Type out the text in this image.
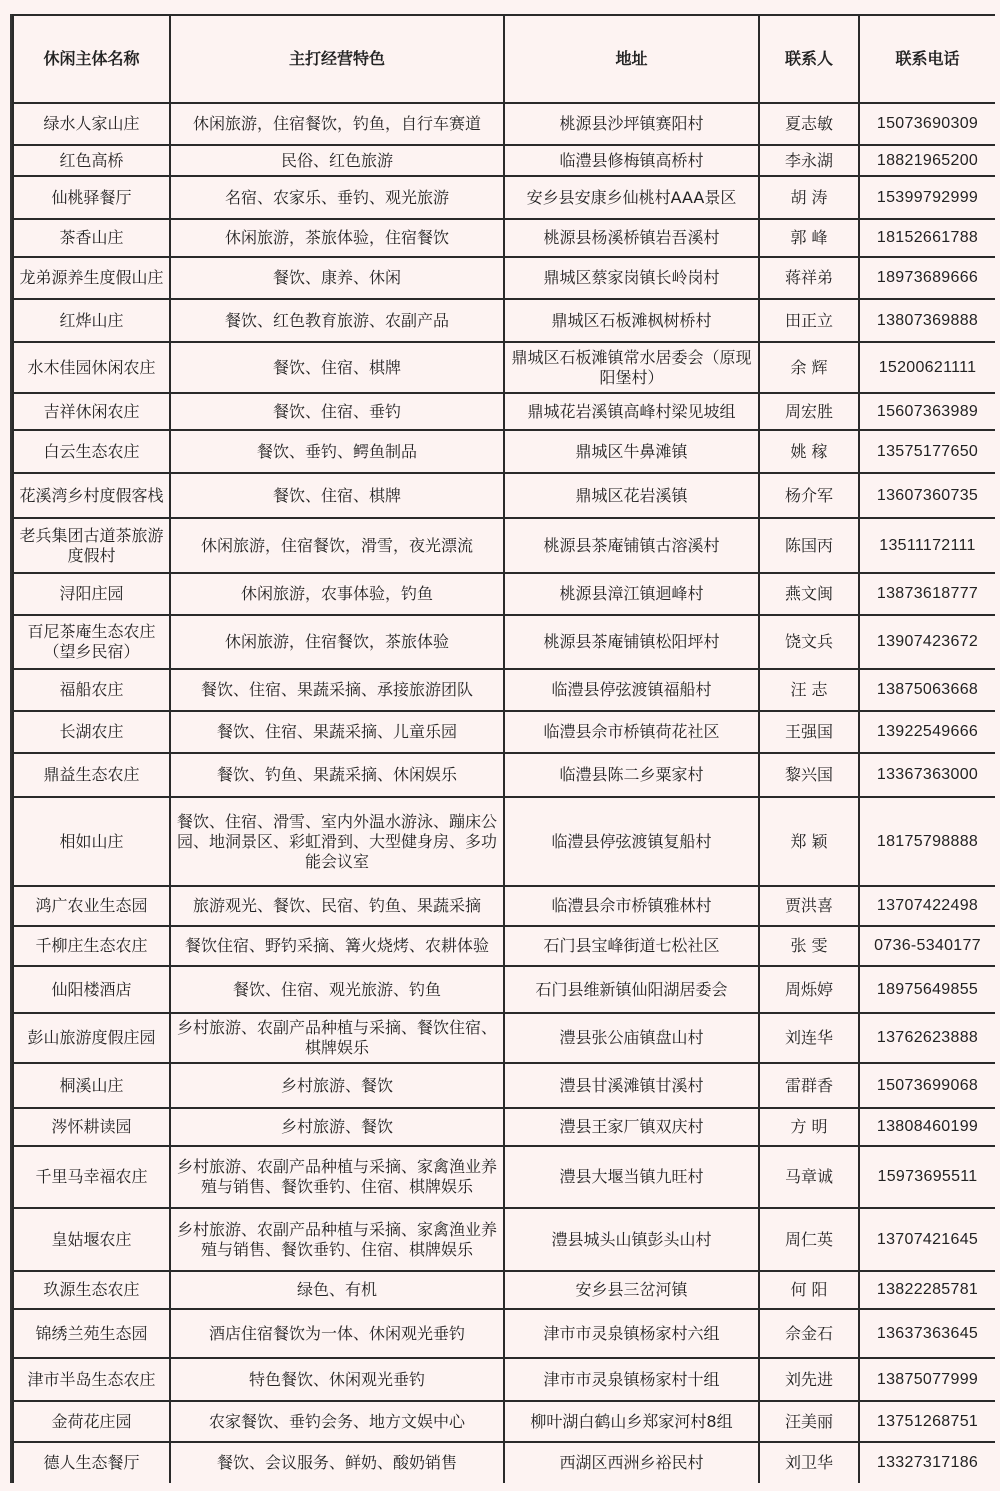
休闲主体名称	主打经营特色	地址	联系人	联系电话
绿水人家山庄	休闲旅游，住宿餐饮，钓鱼，自行车赛道	桃源县沙坪镇赛阳村	夏志敏	15073690309
红色高桥	民俗、红色旅游	临澧县修梅镇高桥村	李永湖	18821965200
仙桃驿餐厅	名宿、农家乐、垂钓、观光旅游	安乡县安康乡仙桃村AAA景区	胡 涛	15399792999
茶香山庄	休闲旅游，茶旅体验，住宿餐饮	桃源县杨溪桥镇岩吾溪村	郭 峰	18152661788
龙弟源养生度假山庄	餐饮、康养、休闲	鼎城区蔡家岗镇长岭岗村	蒋祥弟	18973689666
红烨山庄	餐饮、红色教育旅游、农副产品	鼎城区石板滩枫树桥村	田正立	13807369888
水木佳园休闲农庄	餐饮、住宿、棋牌	鼎城区石板滩镇常水居委会（原现阳堡村）	余 辉	15200621111
吉祥休闲农庄	餐饮、住宿、垂钓	鼎城花岩溪镇高峰村梁见坡组	周宏胜	15607363989
白云生态农庄	餐饮、垂钓、鳄鱼制品	鼎城区牛鼻滩镇	姚 稼	13575177650
花溪湾乡村度假客栈	餐饮、住宿、棋牌	鼎城区花岩溪镇	杨介军	13607360735
老兵集团古道茶旅游度假村	休闲旅游，住宿餐饮，滑雪，夜光漂流	桃源县茶庵铺镇古溶溪村	陈国丙	13511172111
浔阳庄园	休闲旅游，农事体验，钓鱼	桃源县漳江镇迴峰村	燕文闽	13873618777
百尼茶庵生态农庄（望乡民宿）	休闲旅游，住宿餐饮，茶旅体验	桃源县茶庵铺镇松阳坪村	饶文兵	13907423672
福船农庄	餐饮、住宿、果蔬采摘、承接旅游团队	临澧县停弦渡镇福船村	汪 志	13875063668
长湖农庄	餐饮、住宿、果蔬采摘、儿童乐园	临澧县佘市桥镇荷花社区	王强国	13922549666
鼎益生态农庄	餐饮、钓鱼、果蔬采摘、休闲娱乐	临澧县陈二乡粟家村	黎兴国	13367363000
相如山庄	餐饮、住宿、滑雪、室内外温水游泳、蹦床公园、地洞景区、彩虹滑到、大型健身房、多功能会议室	临澧县停弦渡镇复船村	郑 颖	18175798888
鸿广农业生态园	旅游观光、餐饮、民宿、钓鱼、果蔬采摘	临澧县佘市桥镇雅林村	贾洪喜	13707422498
千柳庄生态农庄	餐饮住宿、野钓采摘、篝火烧烤、农耕体验	石门县宝峰街道七松社区	张 雯	0736-5340177
仙阳楼酒店	餐饮、住宿、观光旅游、钓鱼	石门县维新镇仙阳湖居委会	周烁婷	18975649855
彭山旅游度假庄园	乡村旅游、农副产品种植与采摘、餐饮住宿、棋牌娱乐	澧县张公庙镇盘山村	刘连华	13762623888
桐溪山庄	乡村旅游、餐饮	澧县甘溪滩镇甘溪村	雷群香	15073699068
涔怀耕读园	乡村旅游、餐饮	澧县王家厂镇双庆村	方 明	13808460199
千里马幸福农庄	乡村旅游、农副产品种植与采摘、家禽渔业养殖与销售、餐饮垂钓、住宿、棋牌娱乐	澧县大堰当镇九旺村	马章诚	15973695511
皇姑堰农庄	乡村旅游、农副产品种植与采摘、家禽渔业养殖与销售、餐饮垂钓、住宿、棋牌娱乐	澧县城头山镇彭头山村	周仁英	13707421645
玖源生态农庄	绿色、有机	安乡县三岔河镇	何 阳	13822285781
锦绣兰苑生态园	酒店住宿餐饮为一体、休闲观光垂钓	津市市灵泉镇杨家村六组	佘金石	13637363645
津市半岛生态农庄	特色餐饮、休闲观光垂钓	津市市灵泉镇杨家村十组	刘先进	13875077999
金荷花庄园	农家餐饮、垂钓会务、地方文娱中心	柳叶湖白鹤山乡郑家河村8组	汪美丽	13751268751
德人生态餐厅	餐饮、会议服务、鲜奶、酸奶销售	西湖区西洲乡裕民村	刘卫华	13327317186
